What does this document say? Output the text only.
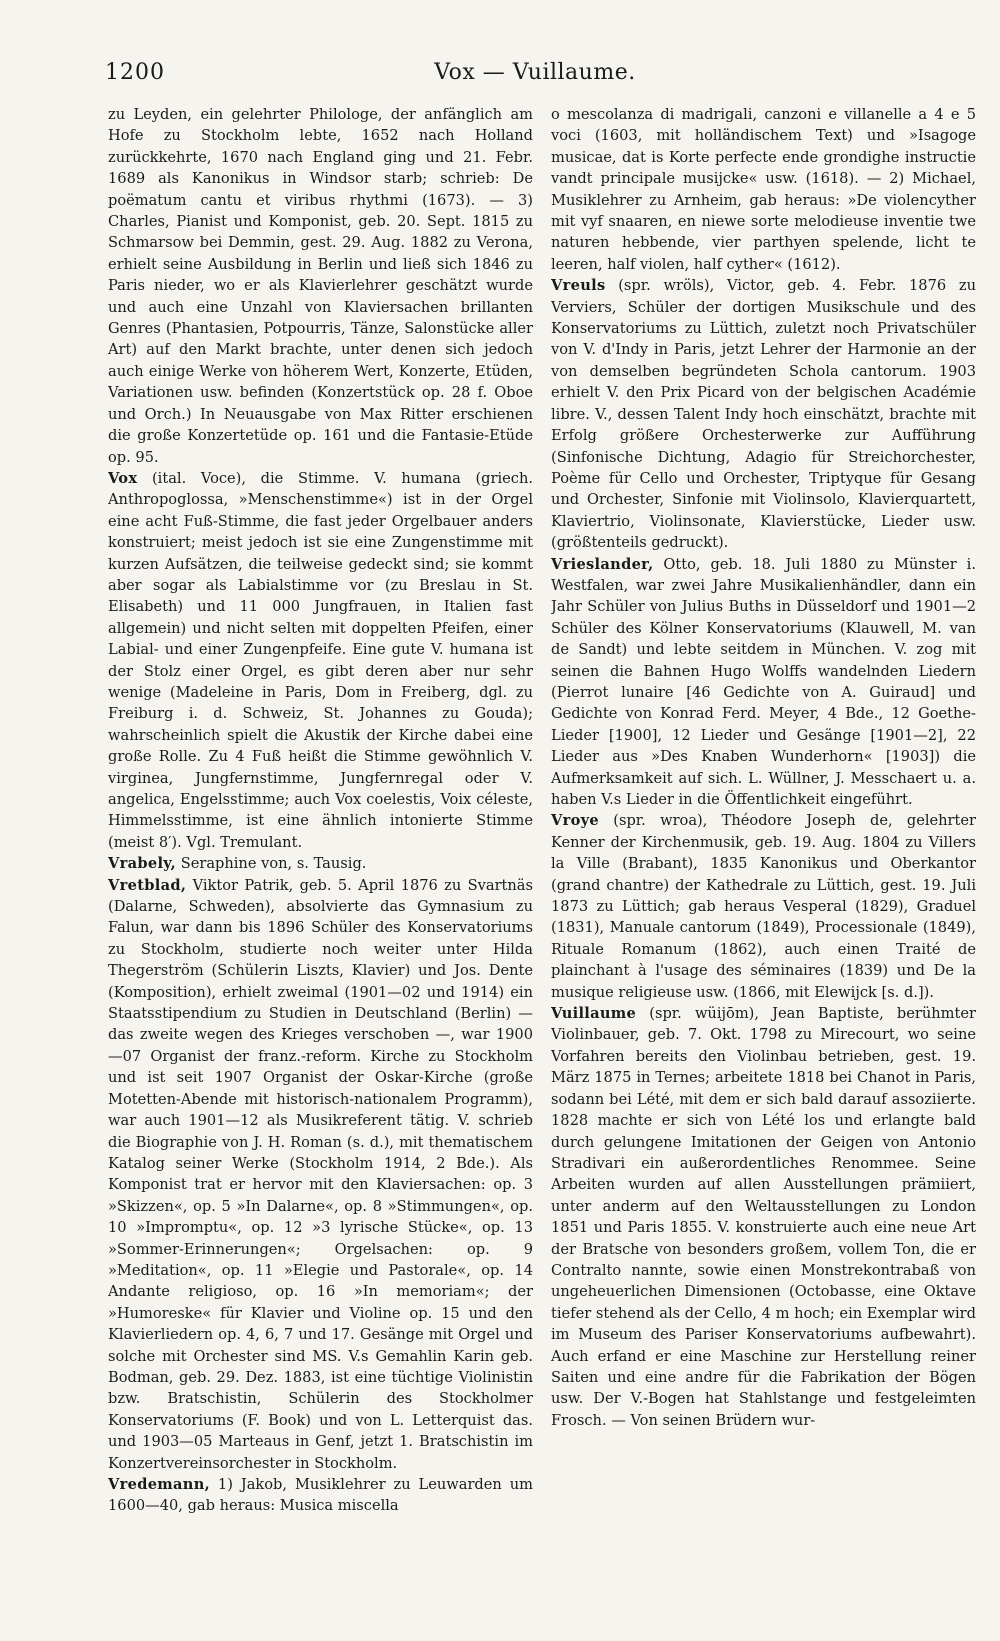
1200	Vox — Vuillaume.

zu Leyden, ein gelehrter Philologe, der anfänglich am Hofe zu Stockholm lebte, 1652 nach Holland zurückkehrte, 1670 nach England ging und 21. Febr. 1689 als Kanonikus in Windsor starb; schrieb: De poëmatum cantu et viribus rhythmi (1673). — 3) Charles, Pianist und Komponist, geb. 20. Sept. 1815 zu Schmarsow bei Demmin, gest. 29. Aug. 1882 zu Verona, erhielt seine Ausbildung in Berlin und ließ sich 1846 zu Paris nieder, wo er als Klavierlehrer geschätzt wurde und auch eine Unzahl von Klaviersachen brillanten Genres (Phantasien, Potpourris, Tänze, Salonstücke aller Art) auf den Markt brachte, unter denen sich jedoch auch einige Werke von höherem Wert, Konzerte, Etüden, Variationen usw. befinden (Konzertstück op. 28 f. Oboe und Orch.) In Neuausgabe von Max Ritter erschienen die große Konzertetüde op. 161 und die Fantasie-Etüde op. 95.

Vox (ital. Voce), die Stimme. V. humana (griech. Anthropoglossa, »Menschenstimme«) ist in der Orgel eine acht Fuß-Stimme, die fast jeder Orgelbauer anders konstruiert; meist jedoch ist sie eine Zungenstimme mit kurzen Aufsätzen, die teilweise gedeckt sind; sie kommt aber sogar als Labialstimme vor (zu Breslau in St. Elisabeth) und 11 000 Jungfrauen, in Italien fast allgemein) und nicht selten mit doppelten Pfeifen, einer Labial- und einer Zungenpfeife. Eine gute V. humana ist der Stolz einer Orgel, es gibt deren aber nur sehr wenige (Madeleine in Paris, Dom in Freiberg, dgl. zu Freiburg i. d. Schweiz, St. Johannes zu Gouda); wahrscheinlich spielt die Akustik der Kirche dabei eine große Rolle. Zu 4 Fuß heißt die Stimme gewöhnlich V. virginea, Jungfernstimme, Jungfernregal oder V. angelica, Engelsstimme; auch Vox coelestis, Voix céleste, Himmelsstimme, ist eine ähnlich intonierte Stimme (meist 8′). Vgl. Tremulant.

Vrabely, Seraphine von, s. Tausig.

Vretblad, Viktor Patrik, geb. 5. April 1876 zu Svartnäs (Dalarne, Schweden), absolvierte das Gymnasium zu Falun, war dann bis 1896 Schüler des Konservatoriums zu Stockholm, studierte noch weiter unter Hilda Thegerström (Schülerin Liszts, Klavier) und Jos. Dente (Komposition), erhielt zweimal (1901—02 und 1914) ein Staatsstipendium zu Studien in Deutschland (Berlin) — das zweite wegen des Krieges verschoben —, war 1900—07 Organist der franz.-reform. Kirche zu Stockholm und ist seit 1907 Organist der Oskar-Kirche (große Motetten-Abende mit historisch-nationalem Programm), war auch 1901—12 als Musikreferent tätig. V. schrieb die Biographie von J. H. Roman (s. d.), mit thematischem Katalog seiner Werke (Stockholm 1914, 2 Bde.). Als Komponist trat er hervor mit den Klaviersachen: op. 3 »Skizzen«, op. 5 »In Dalarne«, op. 8 »Stimmungen«, op. 10 »Impromptu«, op. 12 »3 lyrische Stücke«, op. 13 »Sommer-Erinnerungen«; Orgelsachen: op. 9 »Meditation«, op. 11 »Elegie und Pastorale«, op. 14 Andante religioso, op. 16 »In memoriam«; der »Humoreske« für Klavier und Violine op. 15 und den Klavierliedern op. 4, 6, 7 und 17. Gesänge mit Orgel und solche mit Orchester sind MS. V.s Gemahlin Karin geb. Bodman, geb. 29. Dez. 1883, ist eine tüchtige Violinistin bzw. Bratschistin, Schülerin des Stockholmer Konservatoriums (F. Book) und von L. Letterquist das. und 1903—05 Marteaus in Genf, jetzt 1. Bratschistin im Konzertvereinsorchester in Stockholm.

Vredemann, 1) Jakob, Musiklehrer zu Leuwarden um 1600—40, gab heraus: Musica miscella

o mescolanza di madrigali, canzoni e villanelle a 4 e 5 voci (1603, mit holländischem Text) und »Isagoge musicae, dat is Korte perfecte ende grondighe instructie vandt principale musijcke« usw. (1618). — 2) Michael, Musiklehrer zu Arnheim, gab heraus: »De violencyther mit vyf snaaren, en niewe sorte melodieuse inventie twe naturen hebbende, vier parthyen spelende, licht te leeren, half violen, half cyther« (1612).

Vreuls (spr. wröls), Victor, geb. 4. Febr. 1876 zu Verviers, Schüler der dortigen Musikschule und des Konservatoriums zu Lüttich, zuletzt noch Privatschüler von V. d'Indy in Paris, jetzt Lehrer der Harmonie an der von demselben begründeten Schola cantorum. 1903 erhielt V. den Prix Picard von der belgischen Académie libre. V., dessen Talent Indy hoch einschätzt, brachte mit Erfolg größere Orchesterwerke zur Aufführung (Sinfonische Dichtung, Adagio für Streichorchester, Poème für Cello und Orchester, Triptyque für Gesang und Orchester, Sinfonie mit Violinsolo, Klavierquartett, Klaviertrio, Violinsonate, Klavierstücke, Lieder usw. (größtenteils gedruckt).

Vrieslander, Otto, geb. 18. Juli 1880 zu Münster i. Westfalen, war zwei Jahre Musikalienhändler, dann ein Jahr Schüler von Julius Buths in Düsseldorf und 1901—2 Schüler des Kölner Konservatoriums (Klauwell, M. van de Sandt) und lebte seitdem in München. V. zog mit seinen die Bahnen Hugo Wolffs wandelnden Liedern (Pierrot lunaire [46 Gedichte von A. Guiraud] und Gedichte von Konrad Ferd. Meyer, 4 Bde., 12 Goethe-Lieder [1900], 12 Lieder und Gesänge [1901—2], 22 Lieder aus »Des Knaben Wunderhorn« [1903]) die Aufmerksamkeit auf sich. L. Wüllner, J. Messchaert u. a. haben V.s Lieder in die Öffentlichkeit eingeführt.

Vroye (spr. wroa), Théodore Joseph de, gelehrter Kenner der Kirchenmusik, geb. 19. Aug. 1804 zu Villers la Ville (Brabant), 1835 Kanonikus und Oberkantor (grand chantre) der Kathedrale zu Lüttich, gest. 19. Juli 1873 zu Lüttich; gab heraus Vesperal (1829), Graduel (1831), Manuale cantorum (1849), Processionale (1849), Rituale Romanum (1862), auch einen Traité de plainchant à l'usage des séminaires (1839) und De la musique religieuse usw. (1866, mit Elewijck [s. d.]).

Vuillaume (spr. wüijōm), Jean Baptiste, berühmter Violinbauer, geb. 7. Okt. 1798 zu Mirecourt, wo seine Vorfahren bereits den Violinbau betrieben, gest. 19. März 1875 in Ternes; arbeitete 1818 bei Chanot in Paris, sodann bei Lété, mit dem er sich bald darauf assoziierte. 1828 machte er sich von Lété los und erlangte bald durch gelungene Imitationen der Geigen von Antonio Stradivari ein außerordentliches Renommee. Seine Arbeiten wurden auf allen Ausstellungen prämiiert, unter anderm auf den Weltausstellungen zu London 1851 und Paris 1855. V. konstruierte auch eine neue Art der Bratsche von besonders großem, vollem Ton, die er Contralto nannte, sowie einen Monstrekontrabaß von ungeheuerlichen Dimensionen (Octobasse, eine Oktave tiefer stehend als der Cello, 4 m hoch; ein Exemplar wird im Museum des Pariser Konservatoriums aufbewahrt). Auch erfand er eine Maschine zur Herstellung reiner Saiten und eine andre für die Fabrikation der Bögen usw. Der V.-Bogen hat Stahlstange und festgeleimten Frosch. — Von seinen Brüdern wur-
